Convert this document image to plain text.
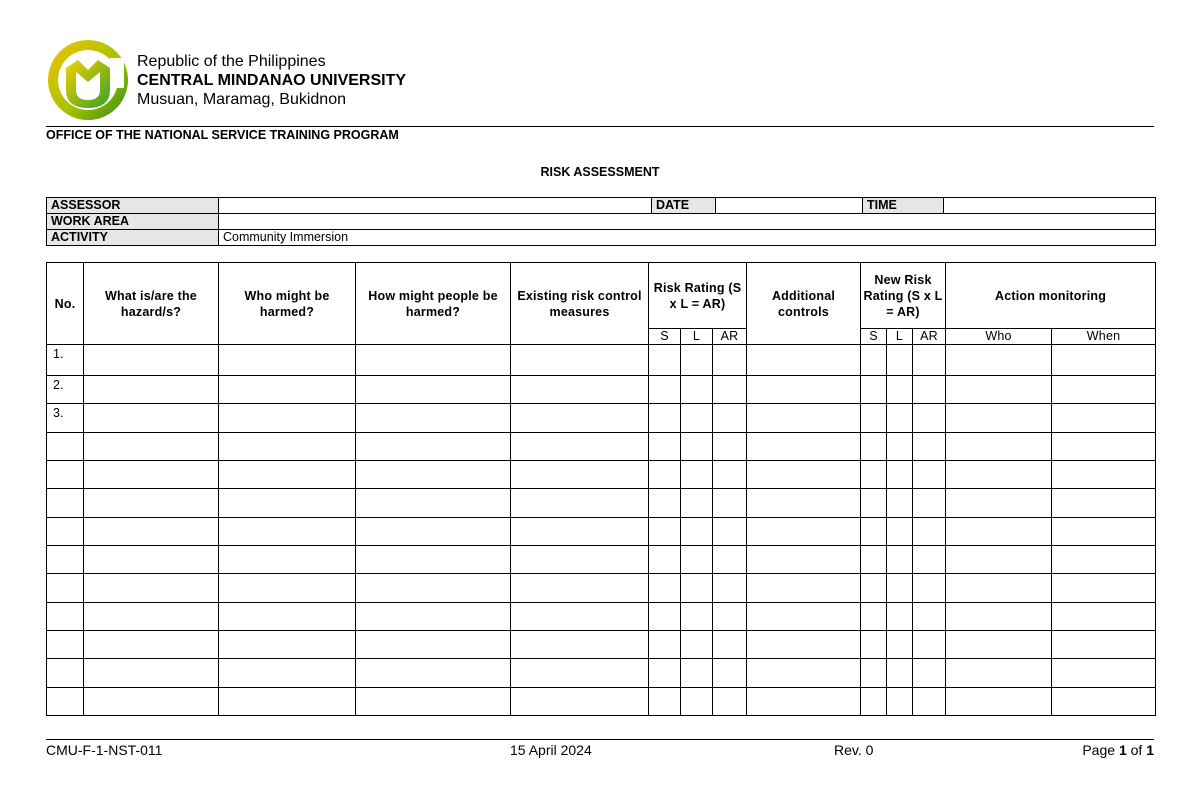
Republic of the Philippines
CENTRAL MINDANAO UNIVERSITY
Musuan, Maramag, Bukidnon
OFFICE OF THE NATIONAL SERVICE TRAINING PROGRAM
RISK ASSESSMENT
ASSESSOR		DATE		TIME	
WORK AREA					
ACTIVITY	Community Immersion				
No.	What is/are the hazard/s?	Who might be harmed?	How might people be harmed?	Existing risk control measures	Risk Rating (S x L = AR)			Additional controls	New Risk Rating (S x L = AR)			Action monitoring	
					S	L	AR		S	L	AR	Who	When
1.													
2.													
3.													

CMU-F-1-NST-011	15 April 2024	Rev. 0	Page 1 of 1
